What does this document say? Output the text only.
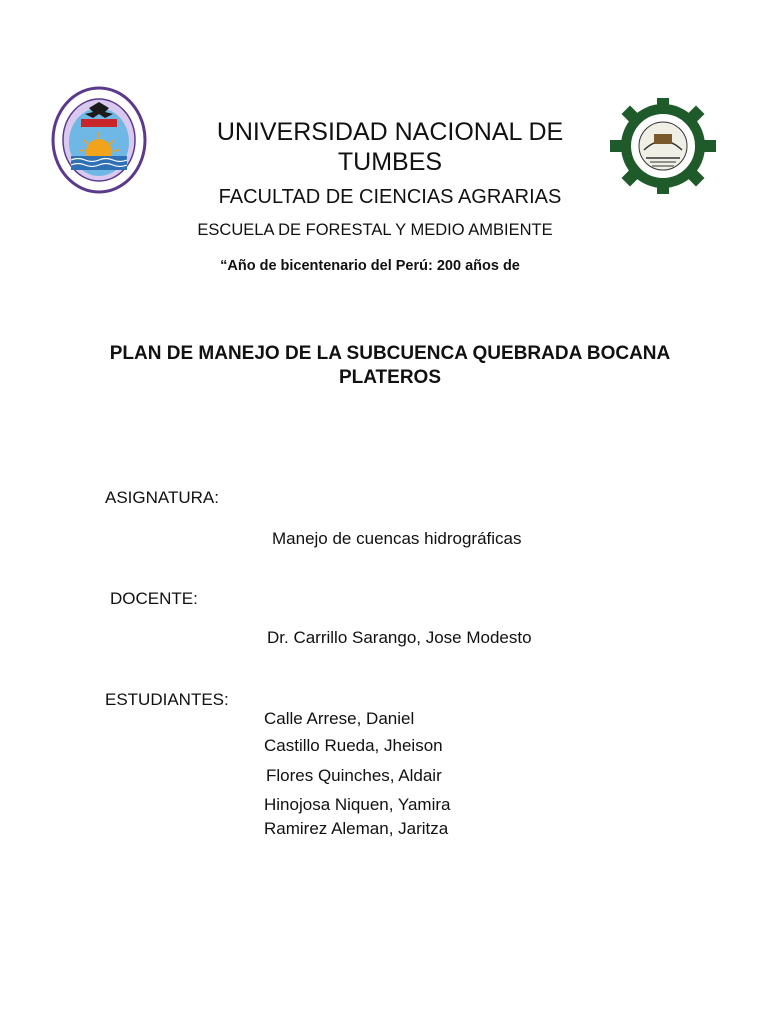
UNIVERSIDAD NACIONAL DE TUMBES
FACULTAD DE CIENCIAS AGRARIAS
ESCUELA DE FORESTAL Y MEDIO AMBIENTE
“Año de bicentenario del Perú: 200 años de
PLAN DE MANEJO DE LA SUBCUENCA QUEBRADA BOCANA PLATEROS
ASIGNATURA:
Manejo de cuencas hidrográficas
DOCENTE:
Dr. Carrillo Sarango, Jose Modesto
ESTUDIANTES:
Calle Arrese, Daniel
Castillo Rueda, Jheison
Flores Quinches, Aldair
Hinojosa Niquen, Yamira
Ramirez Aleman, Jaritza
